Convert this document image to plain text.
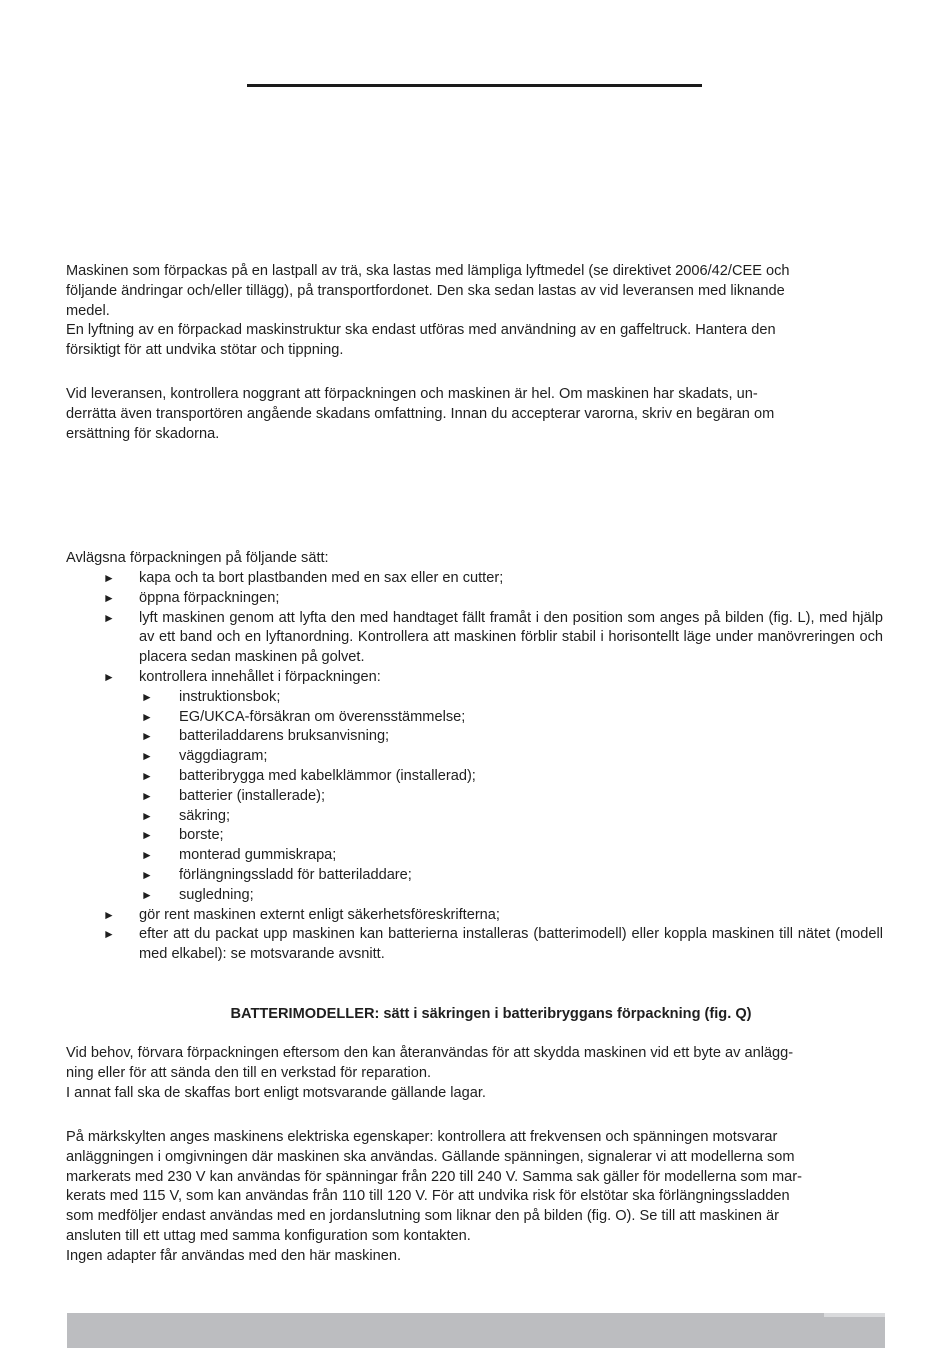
Maskinen som förpackas på en lastpall av trä, ska lastas med lämpliga lyftmedel (se direktivet 2006/42/CEE och
följande ändringar och/eller tillägg), på transportfordonet. Den ska sedan lastas av vid leveransen med liknande
medel.
En lyftning av en förpackad maskinstruktur ska endast utföras med användning av en gaffeltruck. Hantera den
försiktigt för att undvika stötar och tippning.
Vid leveransen, kontrollera noggrant att förpackningen och maskinen är hel. Om maskinen har skadats, un-
derrätta även transportören angående skadans omfattning. Innan du accepterar varorna, skriv en begäran om
ersättning för skadorna.
Avlägsna förpackningen på följande sätt:
► kapa och ta bort plastbanden med en sax eller en cutter;
► öppna förpackningen;
► lyft maskinen genom att lyfta den med handtaget fällt framåt i den position som anges på bilden (fig. L), med hjälp av ett band och en lyftanordning. Kontrollera att maskinen förblir stabil i horisontellt läge under manövreringen och placera sedan maskinen på golvet.
► kontrollera innehållet i förpackningen:
► instruktionsbok;
► EG/UKCA-försäkran om överensstämmelse;
► batteriladdarens bruksanvisning;
► väggdiagram;
► batteribrygga med kabelklämmor (installerad);
► batterier (installerade);
► säkring;
► borste;
► monterad gummiskrapa;
► förlängningssladd för batteriladdare;
► sugledning;
► gör rent maskinen externt enligt säkerhetsföreskrifterna;
► efter att du packat upp maskinen kan batterierna installeras (batterimodell) eller koppla maskinen till nätet (modell med elkabel): se motsvarande avsnitt.

BATTERIMODELLER: sätt i säkringen i batteribryggans förpackning (fig. Q)

Vid behov, förvara förpackningen eftersom den kan återanvändas för att skydda maskinen vid ett byte av anlägg-
ning eller för att sända den till en verkstad för reparation.
I annat fall ska de skaffas bort enligt motsvarande gällande lagar.
På märkskylten anges maskinens elektriska egenskaper: kontrollera att frekvensen och spänningen motsvarar
anläggningen i omgivningen där maskinen ska användas. Gällande spänningen, signalerar vi att modellerna som
markerats med 230 V kan användas för spänningar från 220 till 240 V. Samma sak gäller för modellerna som mar-
kerats med 115 V, som kan användas från 110 till 120 V. För att undvika risk för elstötar ska förlängningssladden
som medföljer endast användas med en jordanslutning som liknar den på bilden (fig. O). Se till att maskinen är
ansluten till ett uttag med samma konfiguration som kontakten.
Ingen adapter får användas med den här maskinen.
